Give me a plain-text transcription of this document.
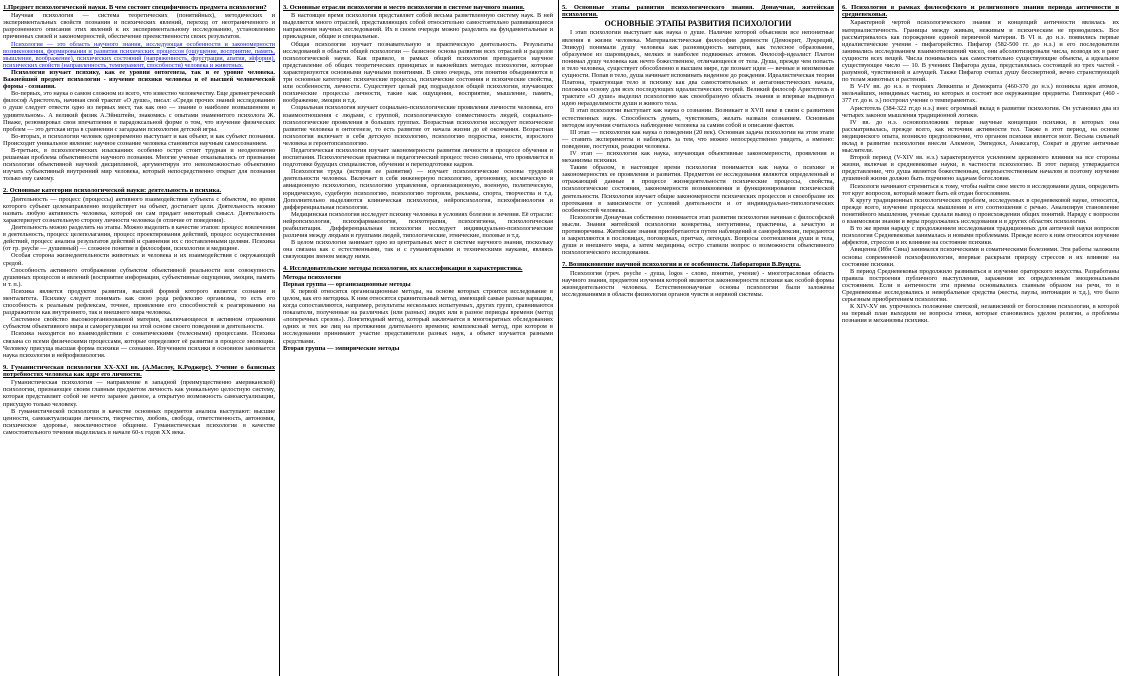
1.Предмет психологической науки. В чем состоит специфичность предмета психологии?

Научная психология — система теоретических (понятийных), методических и экспериментальных свойств познания и психических явлений, переход от неотраниченного и разрозненного описания этих явлений к их экспериментальному исследованию, установлению причинных связей и закономерностей, обеспечение преемственности своих результатов.

Психология — это область научного знания, исследующая особенности и закономерности возникновения, формирования и развития психических процессов (ощущение, восприятие, память, мышление, воображение), психических состояний (напряженность, фрустрация, апатия, эйфория), психических свойств (направленность, темперамент, способности) человека и животных.

Психология изучает психику, как ее уровни онтогенеза, так и ее уровне человека. Важнейший предмет психологии - изучение психики человека и её высшей человеческой формы - сознания.

Во-первых, это наука о самом сложном из всего, что известно человечеству. Еще древнегреческий философ Аристотель, начиная свой трактат «О душе», писал: «Среди прочих знаний исследованию о душе следует отвести одно из первых мест, так как оно — знание о наиболее возвышенном и удивительном». А великий физик А.Эйнштейн, знакомясь с опытами знаменитого психолога Ж. Пиаже, резюмировал свои впечатления в парадоксальной форме о том, что изучение физических проблем — это детская игра в сравнении с загадками психологии детской игры.

Во-вторых, в психологии человек одновременно выступает и как объект, и как субъект познания. Происходит уникальное явление: научное сознание человека становится научным самосознанием.

В-третьих, в психологических изысканиях особенно остро стоит трудная и неоднозначно решаемая проблема объективности научного познания. Многие ученые отказывались от признания психологии объективной научной дисциплиной, аргументируя это невозможностью объективно изучать субъективный внутренний мир человека, который непосредственно открыт для познания только ему самому.

2. Основные категории психологической науки: деятельность и психика.

Деятельность — процесс (процессы) активного взаимодействия субъекта с объектом, во время которого субъект целенаправленно воздействует на объект, достигает цели. Деятельность можно назвать любую активность человека, которой он сам придает некоторый смысл. Деятельность характеризует сознательную сторону личности человека (в отличие от поведения).

Деятельность можно разделить на этапы. Можно выделить в качестве этапов: процесс вовлечения в деятельность, процесс целеполагания, процесс проектирования действий, процесс осуществления действий, процесс анализа результатов действий и сравнения их с поставленными целями. Психика (от гр. psyche — душевный) — сложное понятие в философии, психологии и медицине.

Особая сторона жизнедеятельности животных и человека и их взаимодействия с окружающей средой.

Способность активного отображения субъектом объективной реальности или совокупность душевных процессов и явлений (восприятие информации, субъективные ощущения, эмоции, память и т. п.).

Психика является продуктом развития, высшей формой которого является сознание и менталитета. Психику следует понимать как свою рода рефлексию организма, то есть его способность к реальным рефлексам, точнее, проявление его способностей к реагированию на раздражители как внутреннего, так и внешнего мира человека.

Системное свойство высокоорганизованной материи, заключающееся в активном отражении субъектом объективного мира и саморегуляции на этой основе своего поведения и деятельности.

Психика находится во взаимодействии с соматическими (телесными) процессами. Психика связана со всеми физическими процессами, которые определяют её развитие в процессе эволюции. Человеку присуща высшая форма психики — сознание. Изучением психики в основном занимается наука психология и нейрофизиология.

9. Гуманистическая психология ХХ-ХХI вв. (А.Маслоу, К.Роджерс). Учение о базисных потребностях человека как ядре его личности.

Гуманистическая психология — направление в западной (преимущественно американской) психологии, признающее своим главным предметом личность как уникальную целостную систему, которая представляет собой не нечто заранее данное, а открытую возможность самоактуализации, присущую только человеку.

В гуманистической психологии в качестве основных предметов анализа выступают: высшие ценности, самоактуализация личности, творчество, любовь, свобода, ответственность, автономия, психическое здоровье, межличностное общение. Гуманистическая психология в качестве самостоятельного течения выделилась в начале 60-х годов XX века.

3. Основные отрасли психологии и место психологии в системе научного знания.

В настоящее время психология представляет собой весьма разветвленную систему наук. В ней выделяется много отраслей, представляющих собой относительно самостоятельно развивающиеся направления научных исследований. Их в своем очереди можно разделить на фундаментальные и прикладные, общие и специальные.

Общая психология изучает познавательную и практическую деятельность. Результаты исследований в области общей психологии — базисное основа развития всех отраслей и разделов психологической науки. Как правило, в рамках общей психологии преподается научное представление об общих теоретических принципах и важнейших методах психологии, которые характеризуются основными научными понятиями. В свою очередь, эти понятия объединяются в три основные категории: психические процессы, психические состояния и психические свойства, или особенности, личности. Существует целый ряд подразделов общей психологии, изучающих психические процессы личности, такие как ощущения, восприятие, мышление, память, воображение, эмоции и т.д.

Социальная психология изучает социально-психологические проявления личности человека, его взаимоотношения с людьми, с группой, психологическую совместимость людей, социально-психологические проявления в больших группах. Возрастная психология исследует психическое развитие человека в онтогенезе, то есть развитие от начала жизни до её окончания. Возрастная психология включает в себя детскую психологию, психологию подростка, юности, взрослого человека и геронтопсихологию.

Педагогическая психология изучает закономерности развития личности в процессе обучения и воспитания. Психологическая практика и педагогический процесс тесно связаны, что проявляется в подготовке будущих специалистов, обучении и переподготовке кадров.

Психология труда (история ее развития) — изучает психологические основы трудовой деятельности человека. Включает в себя инженерную психологию, эргономику, космическую и авиационную психологию, психологию управления, организационную, военную, политическую, юридическую, судебную психологию, психологию торговли, рекламы, спорта, творчества и т.д. Дополнительно выделяются клиническая психология, нейропсихология, психофизиология и дифференциальная психология.

Медицинская психология исследует психику человека в условиях болезни и лечения. Её отрасли: нейропсихология, психофармакология, психотерапия, психогигиена, психологическая реабилитация. Дифференциальная психология исследует индивидуально-психологические различия между людьми и группами людей, типологические, этнические, половые и т.д.

В целом психология занимает одно из центральных мест в системе научного знания, поскольку она связана как с естественными, так и с гуманитарными и техническими науками, являясь связующим звеном между ними.

4. Исследовательские методы психологии, их классификация и характеристика.
Методы психологии
Первая группа — организационные методы

К первой относятся организационные методы, на основе которых строится исследование в целом, как его методика. К ним относятся сравнительный метод, имеющий самые разные вариации, когда сопоставляются, например, результаты нескольких испытуемых, других групп, сравниваются показатели, полученные на различных (или разных) людях или в разное периоды времени (метод «поперечных срезов»). Лонгитюдный метод, который заключается в многократных обследованиях одних и тех же лиц на протяжении длительного времени; комплексный метод, при котором в исследовании принимают участие представители разных наук, а объект изучается разными средствами.

Вторая группа — эмпирические методы
5. Основные этапы развития психологического знания. Донаучная, житейская психология.
ОСНОВНЫЕ ЭТАПЫ РАЗВИТИЯ ПСИХОЛОГИИ

I этап психологии выступает как наука о душе. Наличие которой объясняли все непонятные явления в жизни человека. Материалистическая философия древности (Демокрит, Лукреций, Эпикур) понимали душу человека как разновидность материи, как телесное образование, образуемое из шаровидных, мелких и наиболее подвижных атомов. Философ-идеалист Платон понимал душу человека как нечто божественное, отличающееся от тела. Душа, прежде чем попасть в тело человека, существует обособленно в высшем мире, где познает идеи — вечные и неизменные сущности. Попав в тело, душа начинает вспоминать виденное до рождения. Идеалистическая теория Платона, трактующая тело и психику как два самостоятельных и антагонистических начала, положила основу для всех последующих идеалистических теорий. Великий философ Аристотель в трактате «О душе» выделил психологию как своеобразную область знания и впервые выдвинул идею неразделимости души и живого тела.

II этап психологии выступает как наука о сознании. Возникает в XVII веке в связи с развитием естественных наук. Способность думать, чувствовать, желать назвали сознанием. Основным методом изучения считалось наблюдение человека за самим собой и описание фактов.

III этап — психология как наука о поведении (20 век). Основная задача психологии на этом этапе — ставить эксперименты и наблюдать за тем, что можно непосредственно увидеть, а именно: поведение, поступки, реакции человека.

IV этап — психология как наука, изучающая объективные закономерности, проявления и механизмы психики.

Таким образом, в настоящее время психология понимается как наука о психике и закономерностях ее проявления и развития. Предметом ее исследования являются определенный и отражающий данные в процессе жизнедеятельности психические процессы, свойства, психологические состояния, закономерности возникновения и функционирования психической деятельности. Психология изучает общие закономерности психических процессов и своеобразие их протекания в зависимости от условий деятельности и от индивидуально-типологических особенностей человека.

Психология Донаучная собственно понимается этап развития психологии начиная с философской мысли. Знания житейской психологии конкретны, интуитивны, практичны, а зачастую и противоречивы. Житейские знания приобретаются путем наблюдений и саморефлексии, передаются и закрепляются в пословицах, поговорках, притчах, легендах. Вопросы соотношения души и тела, души и внешнего мира, а затем медицины, остро ставили вопрос о возможности объективного психологического исследования.

7. Возникновение научной психологии и ее особенности. Лаборатория В.Вундта.

Психология (греч. psyche - душа, logos - слово, понятие, учение) - многотрасловая область научного знания, предметом изучения которой являются закономерности психики как особой формы жизнедеятельности человека. Естественнонаучные основы психологии были заложены исследованиями в области физиологии органов чувств и нервной системы.

6. Психология в рамках философского и религиозного знания периода античности и средневековья.

Характерной чертой психологического знания и концепций античности являлась их материалистичность. Границы между живым, неживым и психическим не проводились. Все рассматривалось как порождение единой первичной материи. В VI в. до н.э. появились первые идеалистические учения - пифагорейство. Пифагор (582-500 гг. до н.э.) и его последователи занимались исследованием взаимоотношений чисел, они абсолютизировали числа, возводя их в ранг сущности всех вещей. Числа понимались как самостоятельно существующие объекты, а идеальное существующее число — 10. В учениях Пифагора душа, представлялась состоящей из трех частей - разумной, чувственной и алчущей. Также Пифагор считал душу бессмертной, вечно странствующей по телам животных и растений.

В V-IV вв. до н.э. в теориях Левкиппа и Демокрита (460-370 до н.э.) возникла идея атомов, мельчайших, невидимых частиц, из которых и состоят все окружающие предметы. Гиппократ (460 - 377 гг. до н. э.) построил учение о темпераментах.

Аристотель (384-322 гг.до н.э.) внес огромный вклад в развитие психологии. Он установил два из четырех законов мышления традиционной логики.

IV вв. до н.э. основоположник первые научные концепции психики, в которых она рассматривалась, прежде всего, как источник активности тел. Также в этот период, на основе медицинского опыта, возникло предположение, что органом психики является мозг. Весьма сильный вклад в развитие психологии внесли Алкмеон, Эмпедокл, Анаксагор, Сократ и другие античные мыслители.

Второй период (V-XIV вв. н.э.) характеризуется усилением церковного влияния на все стороны жизни, включая и средневековые науки, в частности психологию. В этот период утверждается представление, что душа является божественным, сверхъестественным началом и поэтому изучение душевной жизни должно быть подчинено задачам богословия.

Психологи начинают стремиться к тому, чтобы найти свое место в исследовании души, определить тот круг вопросов, который может быть ей отдан богословием.

К кругу традиционных психологических проблем, исследуемых в средневековой науке, относятся, прежде всего, изучение процесса мышления и его соотношения с речью. Анализируя становление понятийного мышления, ученые сделали вывод о происхождении общих понятий. Наряду с вопросом о взаимосвязи знания и веры продолжались исследования и в других областях психологии.

В то же время наряду с продолжением исследования традиционных для античной науки вопросов психология Средневековья занималась и новыми проблемами. Прежде всего к ним относятся изучение аффектов, стрессов и их влияние на состояние психики.

Авиценна (Ибн Сина) занимался психическими и соматическими болезнями. Эти работы заложили основы современной психофизиологии, впервые раскрыли природу стрессов и их влияние на состояние психики.

В период Средневековья продолжило развиваться и изучение ораторского искусства. Разработаны правила построения публичного выступления, заражения их определенным эмоциональным состоянием. Если в античности эти приемы основывались главным образом на речи, то в Средневековье исследовались и невербальные средства (жесты, паузы, интонации и т.д.), что было серьезным приобретением психологии.

К XIV-XV вв. упрочилось положение светской, независимой от богословия психологии, в которой на первый план выходили не вопросы этики, которые становились уделом религии, а проблемы познания и механизмы психики.
